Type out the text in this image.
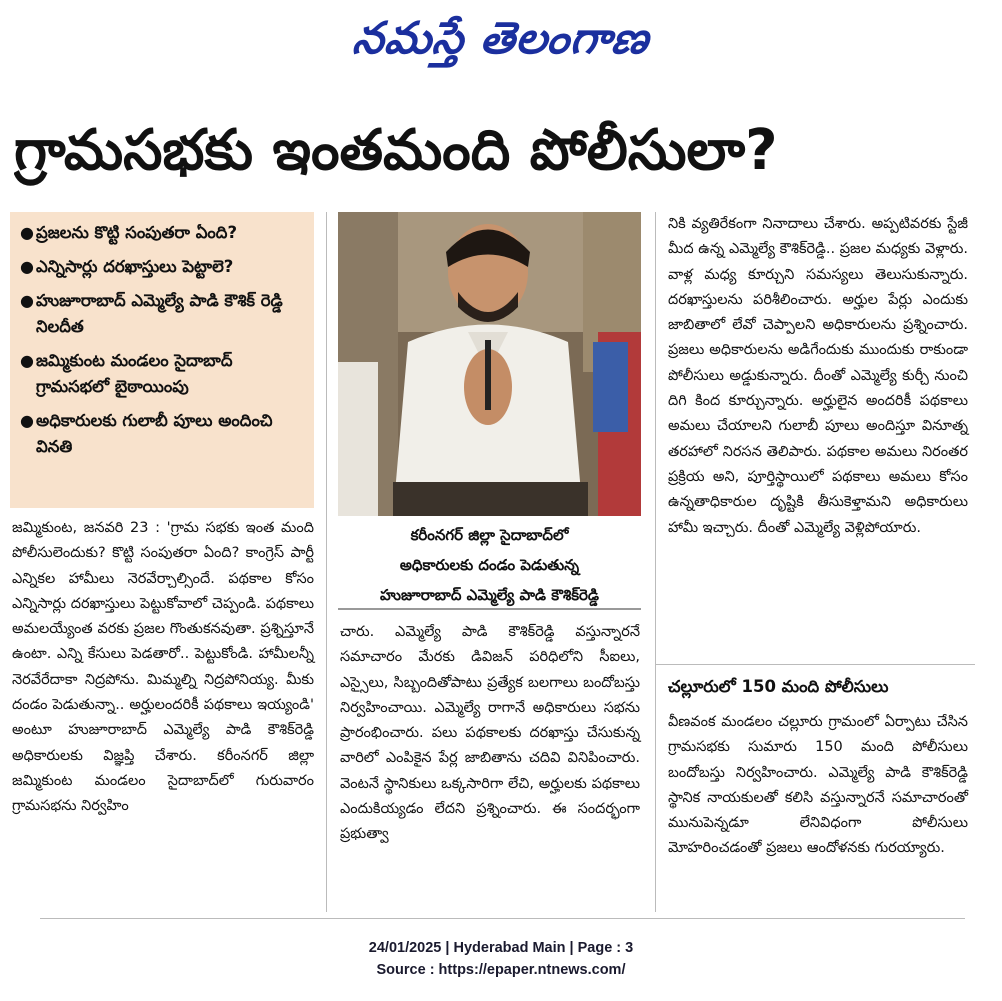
నమస్తే తెలంగాణ
గ్రామసభకు ఇంతమంది పోలీసులా?
● ప్రజలను కొట్టి సంపుతరా ఏంది?
● ఎన్నిసార్లు దరఖాస్తులు పెట్టాలె?
● హుజూరాబాద్ ఎమ్మెల్యే పాడి కౌశిక్ రెడ్డి నిలదీత
● జమ్మికుంట మండలం సైదాబాద్ గ్రామసభలో బైఠాయింపు
● అధికారులకు గులాబీ పూలు అందించి వినతి
కరీంనగర్ జిల్లా సైదాబాద్‌లో
అధికారులకు దండం పెడుతున్న
హుజూరాబాద్ ఎమ్మెల్యే పాడి కౌశిక్‌రెడ్డి

జమ్మికుంట, జనవరి 23 : 'గ్రామ సభకు ఇంత మంది పోలీసులెందుకు? కొట్టి సంపుతరా ఏంది? కాంగ్రెస్ పార్టీ ఎన్నికల హామీలు నెరవేర్చాల్సిందే. పథకాల కోసం ఎన్నిసార్లు దరఖాస్తులు పెట్టుకోవాలో చెప్పండి. పథకాలు అమలయ్యేంత వరకు ప్రజల గొంతుకనవుతా. ప్రశ్నిస్తూనే ఉంటా. ఎన్ని కేసులు పెడతారో.. పెట్టుకోండి. హామీలన్నీ నెరవేరేదాకా నిద్రపోను. మిమ్మల్ని నిద్రపోనియ్య. మీకు దండం పెడుతున్నా.. అర్హులందరికీ పథకాలు ఇయ్యండి' అంటూ హుజూరాబాద్ ఎమ్మెల్యే పాడి కౌశిక్‌రెడ్డి అధికారులకు విజ్ఞప్తి చేశారు. కరీంనగర్ జిల్లా జమ్మికుంట మండలం సైదాబాద్‌లో గురువారం గ్రామసభను నిర్వహిం

చారు. ఎమ్మెల్యే పాడి కౌశిక్‌రెడ్డి వస్తున్నారనే సమాచారం మేరకు డివిజన్ పరిధిలోని సీఐలు, ఎస్సైలు, సిబ్బందితోపాటు ప్రత్యేక బలగాలు బందోబస్తు నిర్వహించాయి. ఎమ్మెల్యే రాగానే అధికారులు సభను ప్రారంభించారు. పలు పథకాలకు దరఖాస్తు చేసుకున్న వారిలో ఎంపికైన పేర్ల జాబితాను చదివి వినిపించారు. వెంటనే స్థానికులు ఒక్కసారిగా లేచి, అర్హులకు పథకాలు ఎందుకియ్యడం లేదని ప్రశ్నించారు. ఈ సందర్భంగా ప్రభుత్వా

నికి వ్యతిరేకంగా నినాదాలు చేశారు. అప్పటివరకు స్టేజీ మీద ఉన్న ఎమ్మెల్యే కౌశిక్‌రెడ్డి.. ప్రజల మధ్యకు వెళ్లారు. వాళ్ల మధ్య కూర్చుని సమస్యలు తెలుసుకున్నారు. దరఖాస్తులను పరిశీలించారు. అర్హుల పేర్లు ఎందుకు జాబితాలో లేవో చెప్పాలని అధికారులను ప్రశ్నించారు. ప్రజలు అధికారులను అడిగేందుకు ముందుకు రాకుండా పోలీసులు అడ్డుకున్నారు. దీంతో ఎమ్మెల్యే కుర్చీ నుంచి దిగి కింద కూర్చున్నారు. అర్హులైన అందరికీ పథకాలు అమలు చేయాలని గులాబీ పూలు అందిస్తూ వినూత్న తరహాలో నిరసన తెలిపారు. పథకాల అమలు నిరంతర ప్రక్రియ అని, పూర్తిస్థాయిలో పథకాలు అమలు కోసం ఉన్నతాధికారుల దృష్టికి తీసుకెళ్తామని అధికారులు హామీ ఇచ్చారు. దీంతో ఎమ్మెల్యే వెళ్లిపోయారు.

చల్లూరులో 150 మంది పోలీసులు

వీణవంక మండలం చల్లూరు గ్రామంలో ఏర్పాటు చేసిన గ్రామసభకు సుమారు 150 మంది పోలీసులు బందోబస్తు నిర్వహించారు. ఎమ్మెల్యే పాడి కౌశిక్‌రెడ్డి స్థానిక నాయకులతో కలిసి వస్తున్నారనే సమాచారంతో మునుపెన్నడూ లేనివిధంగా పోలీసులు మోహరించడంతో ప్రజలు ఆందోళనకు గురయ్యారు.

24/01/2025 | Hyderabad Main | Page : 3
Source : https://epaper.ntnews.com/
